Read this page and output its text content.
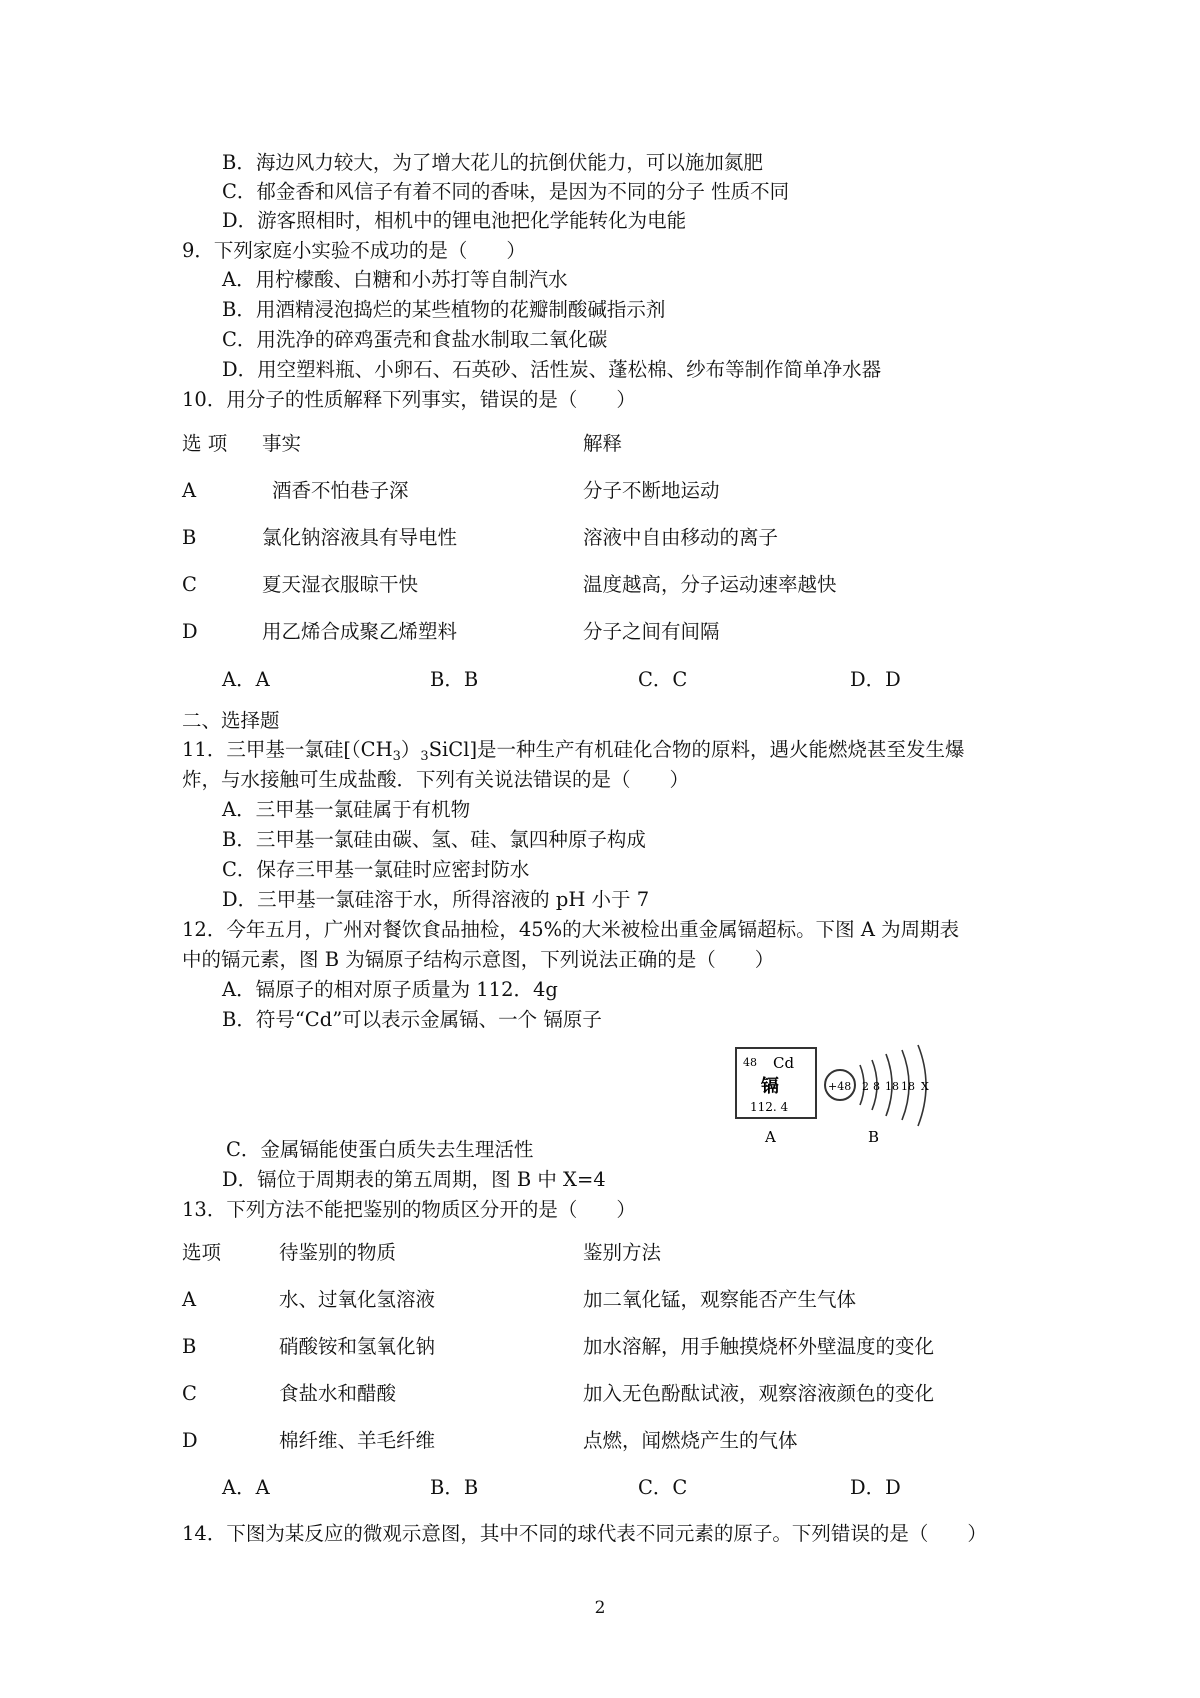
B．海边风力较大，为了增大花儿的抗倒伏能力，可以施加氮肥
C．郁金香和风信子有着不同的香味，是因为不同的分子 性质不同
D．游客照相时，相机中的锂电池把化学能转化为电能
9．下列家庭小实验不成功的是（　　）
A．用柠檬酸、白糖和小苏打等自制汽水
B．用酒精浸泡捣烂的某些植物的花瓣制酸碱指示剂
C．用洗净的碎鸡蛋壳和食盐水制取二氧化碳
D．用空塑料瓶、小卵石、石英砂、活性炭、蓬松棉、纱布等制作简单净水器
10．用分子的性质解释下列事实，错误的是（　　）
选 项 事实	解释
A	酒香不怕巷子深	分子不断地运动
B	氯化钠溶液具有导电性	溶液中自由移动的离子
C	夏天湿衣服晾干快	温度越高，分子运动速率越快
D	用乙烯合成聚乙烯塑料	分子之间有间隔
A．A	B．B	C．C	D．D
二、选择题
11．三甲基一氯硅$[(CH_3)_3SiCl]$是一种生产有机硅化合物的原料，遇火能燃烧甚至发生爆
炸，与水接触可生成盐酸．下列有关说法错误的是（　　）
A．三甲基一氯硅属于有机物
B．三甲基一氯硅由碳、氢、硅、氯四种原子构成
C．保存三甲基一氯硅时应密封防水
D．三甲基一氯硅溶于水，所得溶液的 pH 小于 7
12．今年五月，广州对餐饮食品抽检，45%的大米被检出重金属镉超标。下图 A 为周期表
中的镉元素，图 B 为镉原子结构示意图，下列说法正确的是（　　）
A．镉原子的相对原子质量为 112．4g
B．符号“Cd”可以表示金属镉、一个 镉原子
48 Cd
镉
112. 4
A
+48 2 8 18 18 X
B
C．金属镉能使蛋白质失去生理活性
D．镉位于周期表的第五周期，图 B 中 X=4
13．下列方法不能把鉴别的物质区分开的是（　　）
选项	待鉴别的物质	鉴别方法
A	水、过氧化氢溶液	加二氧化锰，观察能否产生气体
B	硝酸铵和氢氧化钠	加水溶解，用手触摸烧杯外壁温度的变化
C	食盐水和醋酸	加入无色酚酞试液，观察溶液颜色的变化
D	棉纤维、羊毛纤维	点燃，闻燃烧产生的气体
A．A	B．B	C．C	D．D
14．下图为某反应的微观示意图，其中不同的球代表不同元素的原子。下列错误的是（　　）
2
